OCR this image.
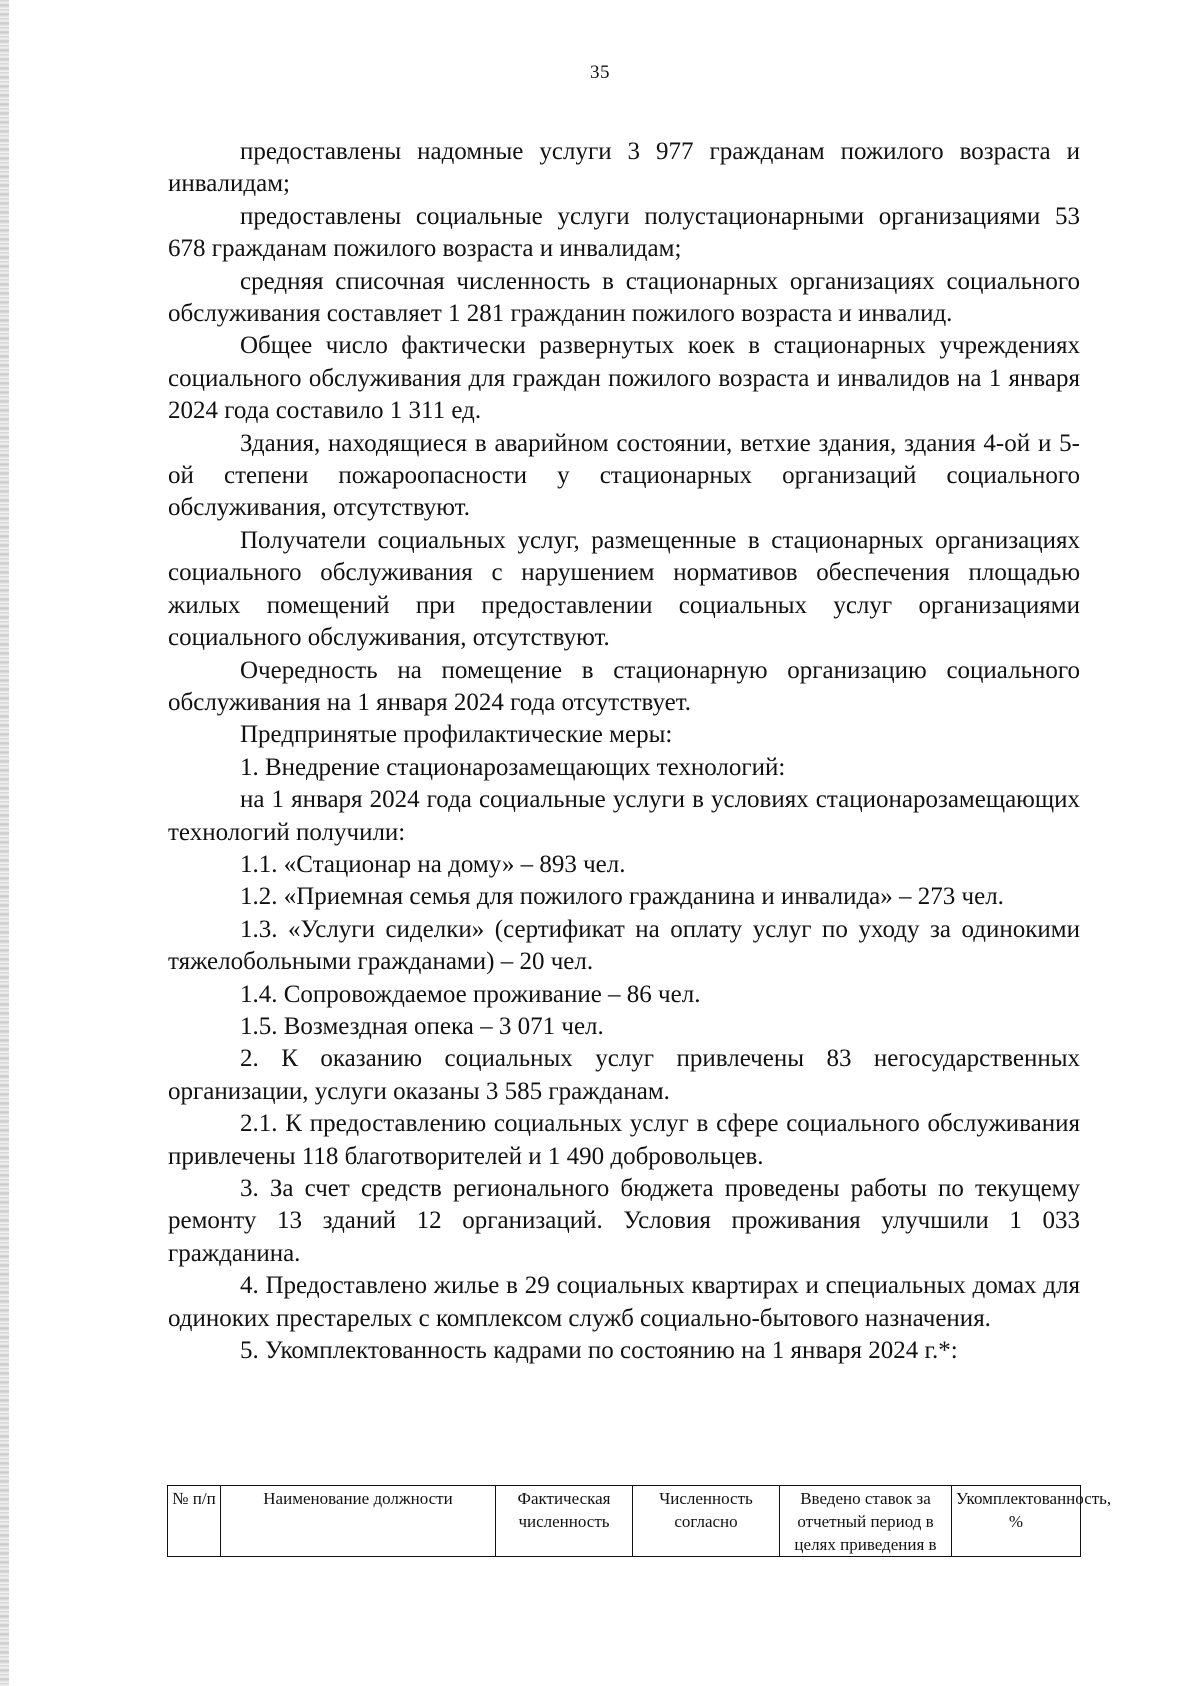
35

предоставлены надомные услуги 3 977 гражданам пожилого возраста и инвалидам;

предоставлены социальные услуги полустационарными организациями 53 678 гражданам пожилого возраста и инвалидам;

средняя списочная численность в стационарных организациях социального обслуживания составляет 1 281 гражданин пожилого возраста и инвалид.

Общее число фактически развернутых коек в стационарных учреждениях социального обслуживания для граждан пожилого возраста и инвалидов на 1 января 2024 года составило 1 311 ед.

Здания, находящиеся в аварийном состоянии, ветхие здания, здания 4-ой и 5-ой степени пожароопасности у стационарных организаций социального обслуживания, отсутствуют.

Получатели социальных услуг, размещенные в стационарных организациях социального обслуживания с нарушением нормативов обеспечения площадью жилых помещений при предоставлении социальных услуг организациями социального обслуживания, отсутствуют.

Очередность на помещение в стационарную организацию социального обслуживания на 1 января 2024 года отсутствует.

Предпринятые профилактические меры:

1. Внедрение стационарозамещающих технологий:

на 1 января 2024 года социальные услуги в условиях стационарозамещающих технологий получили:

1.1. «Стационар на дому» – 893 чел.

1.2. «Приемная семья для пожилого гражданина и инвалида» – 273 чел.

1.3. «Услуги сиделки» (сертификат на оплату услуг по уходу за одинокими тяжелобольными гражданами) – 20 чел.

1.4. Сопровождаемое проживание – 86 чел.

1.5. Возмездная опека – 3 071 чел.

2. К оказанию социальных услуг привлечены 83 негосударственных организации, услуги оказаны 3 585 гражданам.

2.1. К предоставлению социальных услуг в сфере социального обслуживания привлечены 118 благотворителей и 1 490 добровольцев.

3. За счет средств регионального бюджета проведены работы по текущему ремонту 13 зданий 12 организаций. Условия проживания улучшили 1 033 гражданина.

4. Предоставлено жилье в 29 социальных квартирах и специальных домах для одиноких престарелых с комплексом служб социально-бытового назначения.

5. Укомплектованность кадрами по состоянию на 1 января 2024 г.*:

№ п/п	Наименование должности	Фактическая численность	Численность согласно	Введено ставок за отчетный период в целях приведения в	Укомплектованность, %
